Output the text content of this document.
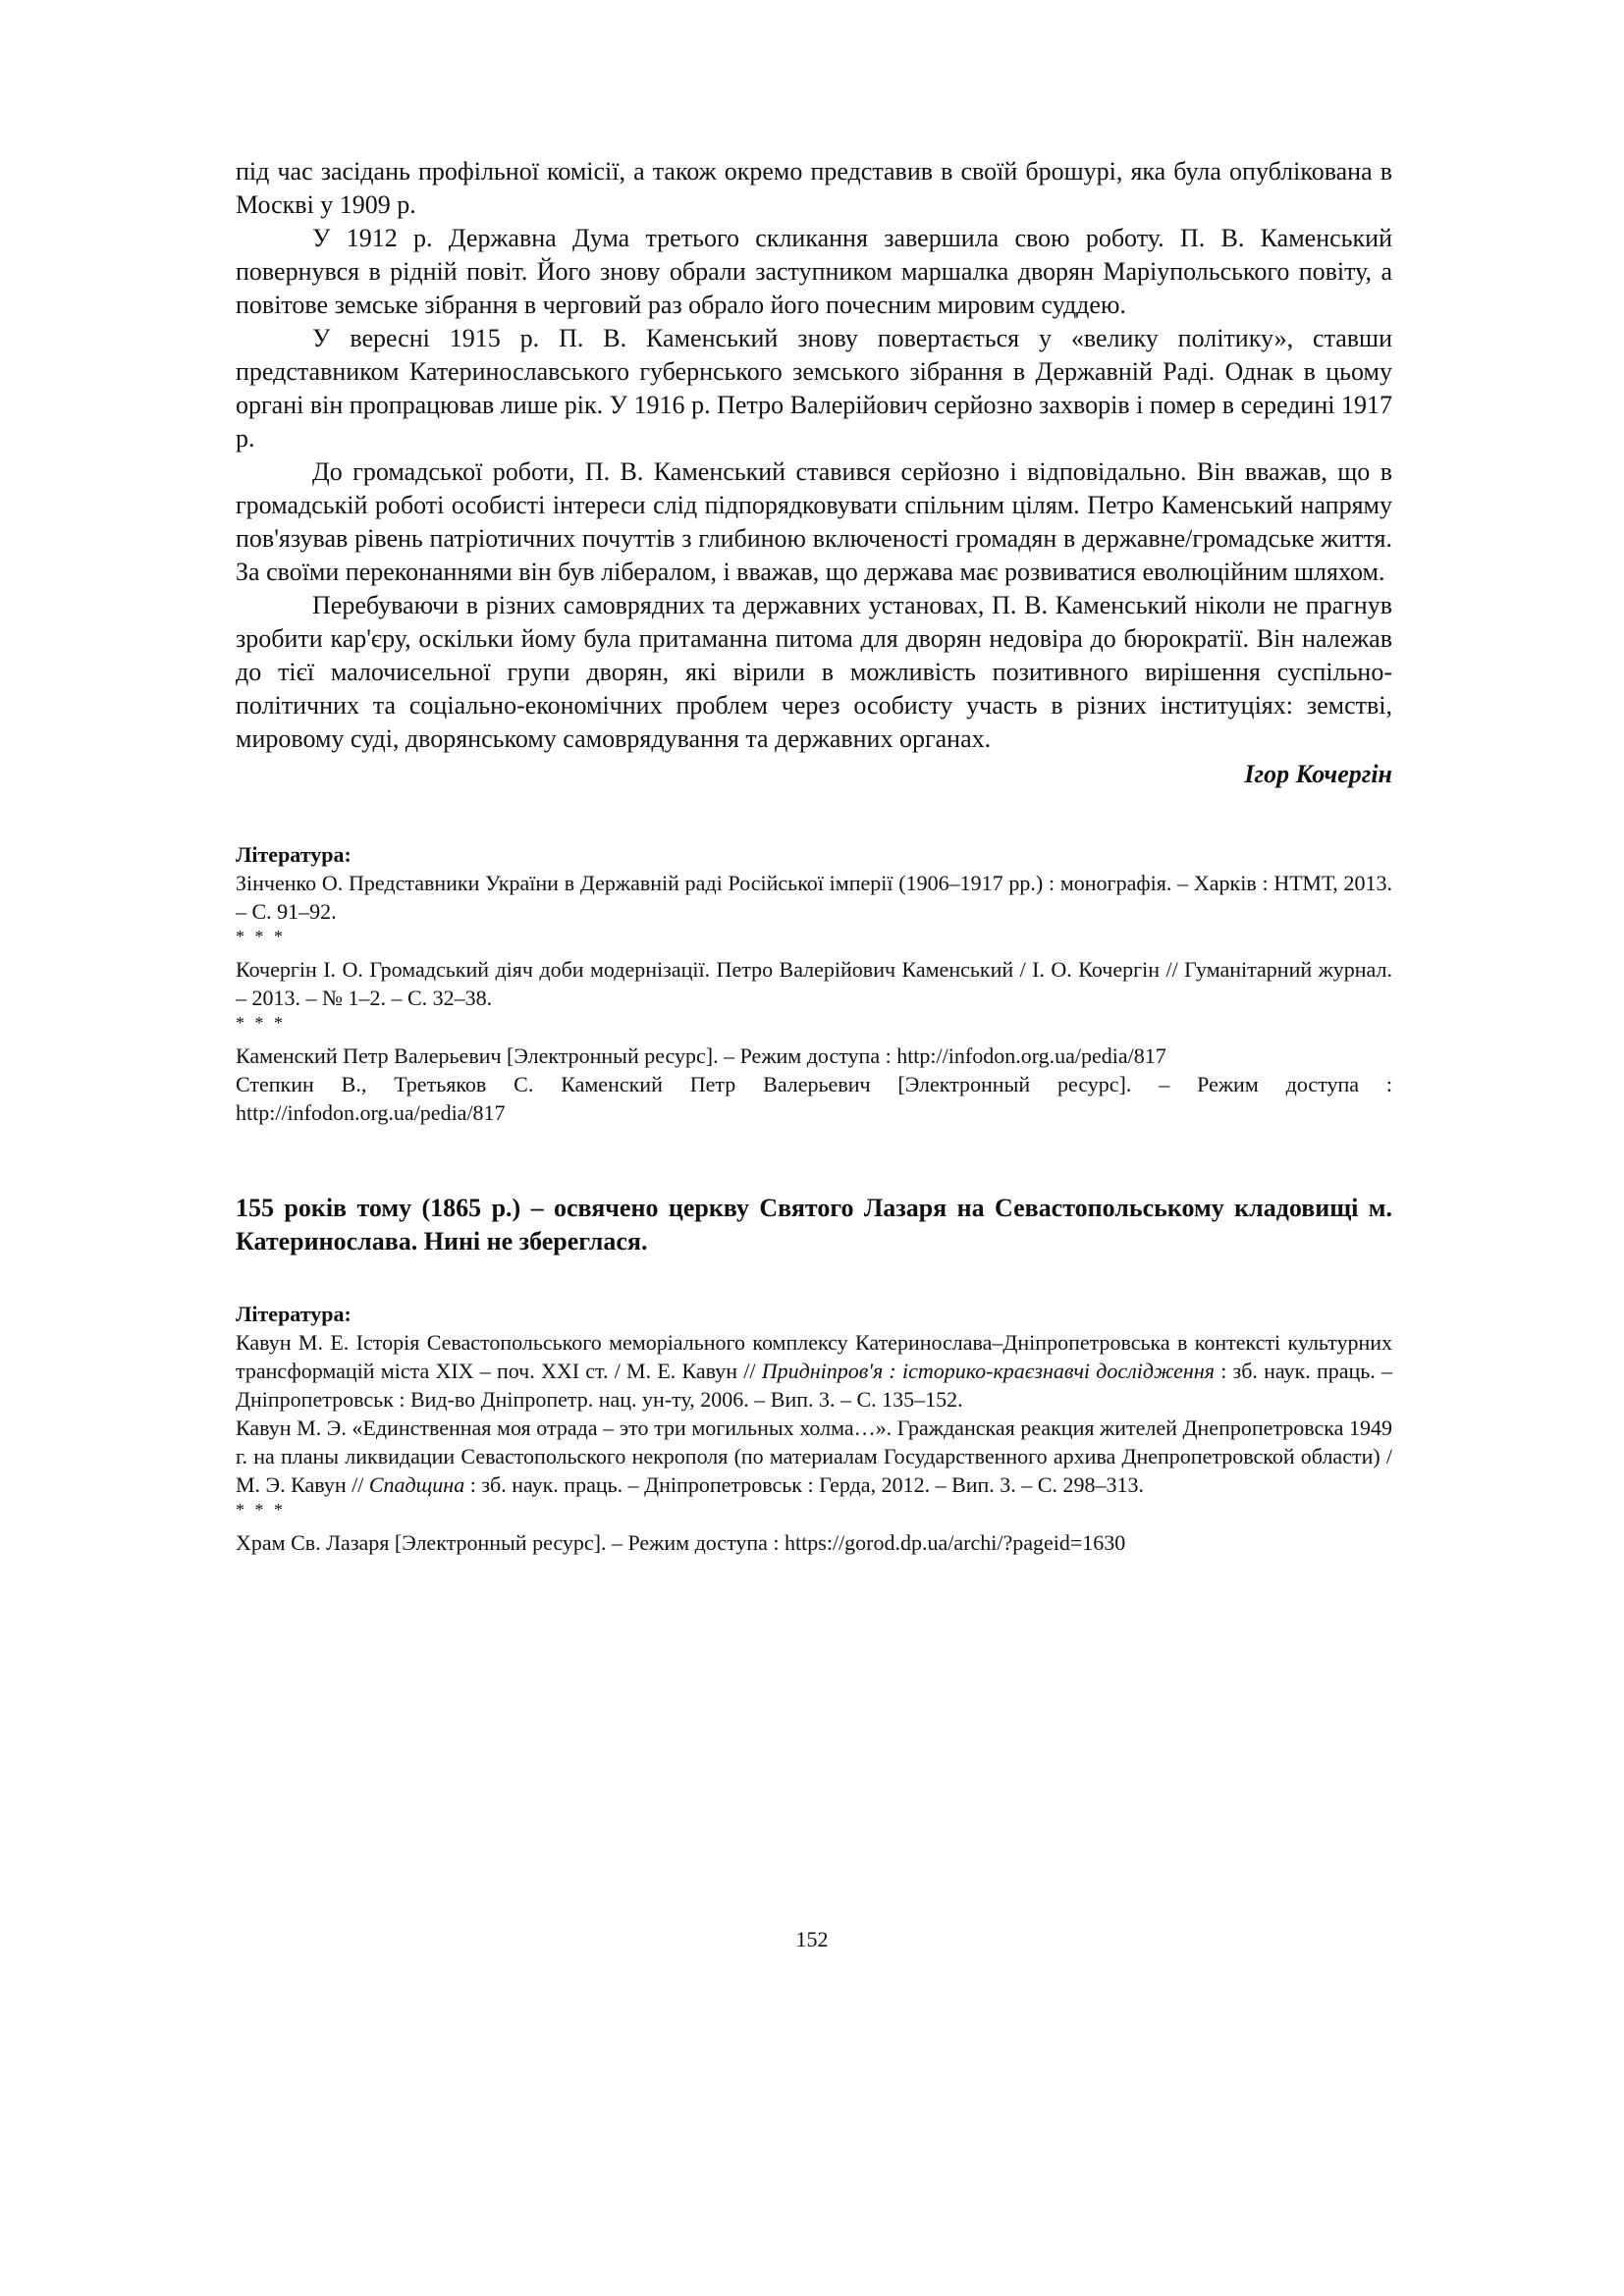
під час засідань профільної комісії, а також окремо представив в своїй брошурі, яка була опублікована в Москві у 1909 р.

У 1912 р. Державна Дума третього скликання завершила свою роботу. П. В. Каменський повернувся в рідній повіт. Його знову обрали заступником маршалка дворян Маріупольського повіту, а повітове земське зібрання в черговий раз обрало його почесним мировим суддею.

У вересні 1915 р. П. В. Каменський знову повертається у «велику політику», ставши представником Катеринославського губернського земського зібрання в Державній Раді. Однак в цьому органі він пропрацював лише рік. У 1916 р. Петро Валерійович серйозно захворів і помер в середині 1917 р.

До громадської роботи, П. В. Каменський ставився серйозно і відповідально. Він вважав, що в громадській роботі особисті інтереси слід підпорядковувати спільним цілям. Петро Каменський напряму пов'язував рівень патріотичних почуттів з глибиною включеності громадян в державне/громадське життя. За своїми переконаннями він був лібералом, і вважав, що держава має розвиватися еволюційним шляхом.

Перебуваючи в різних самоврядних та державних установах, П. В. Каменський ніколи не прагнув зробити кар'єру, оскільки йому була притаманна питома для дворян недовіра до бюрократії. Він належав до тієї малочисельної групи дворян, які вірили в можливість позитивного вирішення суспільно-політичних та соціально-економічних проблем через особисту участь в різних інституціях: земстві, мировому суді, дворянському самоврядування та державних органах.

Ігор Кочергін

Література:

Зінченко О. Представники України в Державній раді Російської імперії (1906–1917 рр.) : монографія. – Харків : НТМТ, 2013. – С. 91–92.

* * *

Кочергін І. О. Громадський діяч доби модернізації. Петро Валерійович Каменський / І. О. Кочергін // Гуманітарний журнал. – 2013. – № 1–2. – С. 32–38.

* * *

Каменский Петр Валерьевич [Электронный ресурс]. – Режим доступа : http://infodon.org.ua/pedia/817

Степкин В., Третьяков С. Каменский Петр Валерьевич [Электронный ресурс]. – Режим доступа : http://infodon.org.ua/pedia/817

155 років тому (1865 р.) – освячено церкву Святого Лазаря на Севастопольському кладовищі м. Катеринослава. Нині не збереглася.

Література:

Кавун М. Е. Історія Севастопольського меморіального комплексу Катеринослава–Дніпропетровська в контексті культурних трансформацій міста XIX – поч. XXI ст. / М. Е. Кавун // Придніпров'я : історико-краєзнавчі дослідження : зб. наук. праць. – Дніпропетровськ : Вид-во Дніпропетр. нац. ун-ту, 2006. – Вип. 3. – С. 135–152.

Кавун М. Э. «Единственная моя отрада – это три могильных холма…». Гражданская реакция жителей Днепропетровска 1949 г. на планы ликвидации Севастопольского некрополя (по материалам Государственного архива Днепропетровской области) / М. Э. Кавун // Спадщина : зб. наук. праць. – Дніпропетровськ : Герда, 2012. – Вип. 3. – С. 298–313.

* * *

Храм Св. Лазаря [Электронный ресурс]. – Режим доступа : https://gorod.dp.ua/archi/?pageid=1630

152
